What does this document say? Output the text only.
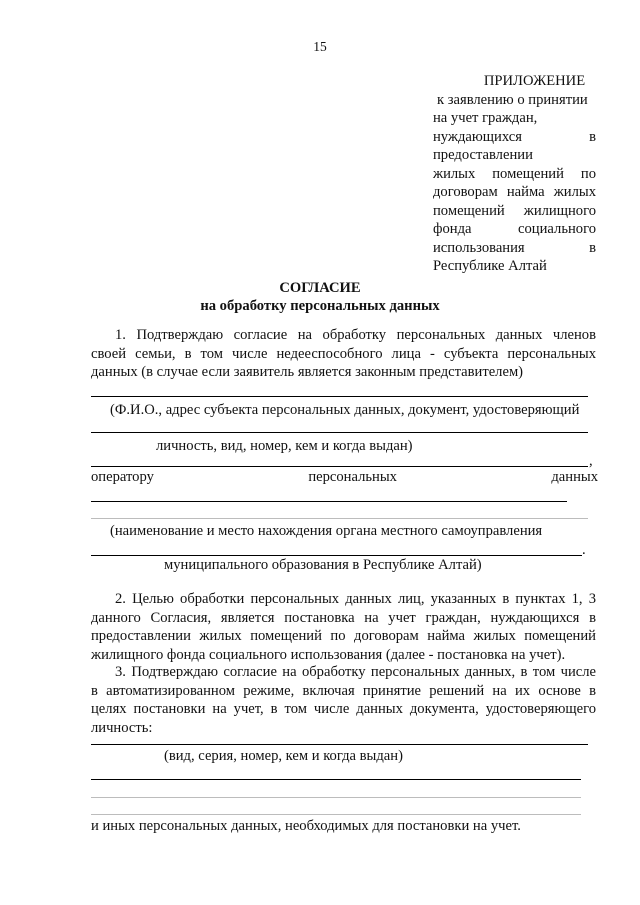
15
ПРИЛОЖЕНИЕ
к заявлению о принятии
на учет граждан,
нуждающихся в
предоставлении
жилых помещений по
договорам найма жилых
помещений жилищного
фонда социального
использования в
Республике Алтай
СОГЛАСИЕ
на обработку персональных данных
1. Подтверждаю согласие на обработку персональных данных членов
своей семьи, в том числе недееспособного лица - субъекта персональных
данных (в случае если заявитель является законным представителем)
(Ф.И.О., адрес субъекта персональных данных, документ, удостоверяющий
личность, вид, номер, кем и когда выдан)
,
оператору	персональных	данных
(наименование и место нахождения органа местного самоуправления
.
муниципального образования в Республике Алтай)
2. Целью обработки персональных данных лиц, указанных в пунктах 1, 3
данного Согласия, является постановка на учет граждан, нуждающихся в
предоставлении жилых помещений по договорам найма жилых помещений
жилищного фонда социального использования (далее - постановка на учет).
3. Подтверждаю согласие на обработку персональных данных, в том числе
в автоматизированном режиме, включая принятие решений на их основе в
целях постановки на учет, в том числе данных документа, удостоверяющего
личность:
(вид, серия, номер, кем и когда выдан)
и иных персональных данных, необходимых для постановки на учет.
